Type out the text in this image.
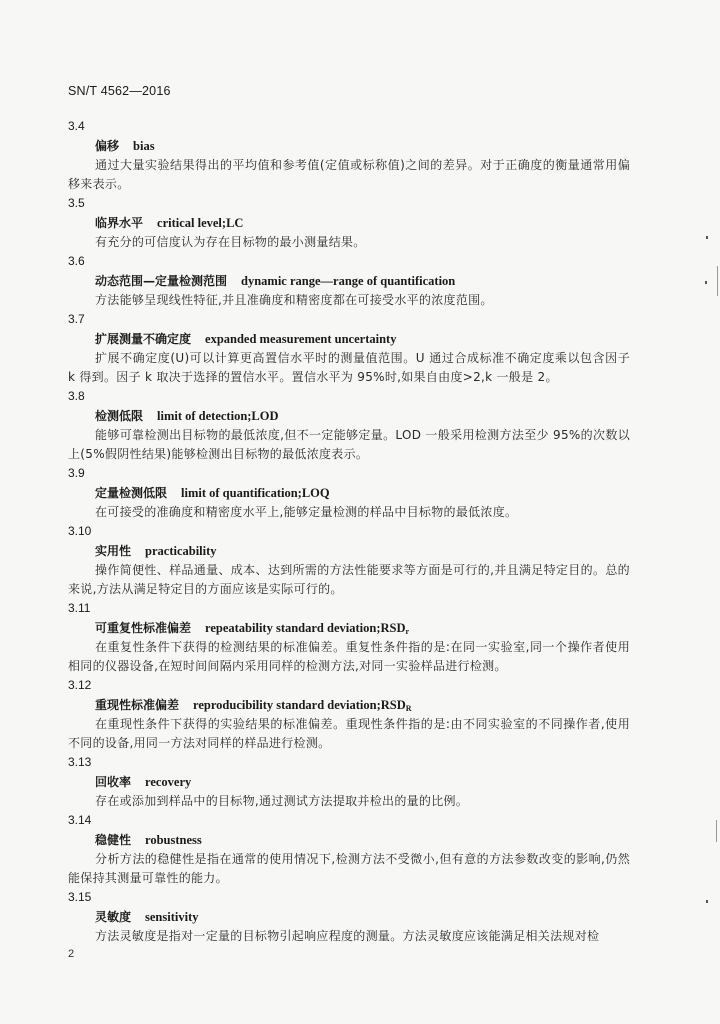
SN/T 4562—2016
3.4
偏移 bias
通过大量实验结果得出的平均值和参考值(定值或标称值)之间的差异。对于正确度的衡量通常用偏移来表示。
3.5
临界水平 critical level;LC
有充分的可信度认为存在目标物的最小测量结果。
3.6
动态范围—定量检测范围 dynamic range—range of quantification
方法能够呈现线性特征,并且准确度和精密度都在可接受水平的浓度范围。
3.7
扩展测量不确定度 expanded measurement uncertainty
扩展不确定度(U)可以计算更高置信水平时的测量值范围。U 通过合成标准不确定度乘以包含因子 k 得到。因子 k 取决于选择的置信水平。置信水平为 95%时,如果自由度>2,k 一般是 2。
3.8
检测低限 limit of detection;LOD
能够可靠检测出目标物的最低浓度,但不一定能够定量。LOD 一般采用检测方法至少 95%的次数以上(5%假阴性结果)能够检测出目标物的最低浓度表示。
3.9
定量检测低限 limit of quantification;LOQ
在可接受的准确度和精密度水平上,能够定量检测的样品中目标物的最低浓度。
3.10
实用性 practicability
操作简便性、样品通量、成本、达到所需的方法性能要求等方面是可行的,并且满足特定目的。总的来说,方法从满足特定目的方面应该是实际可行的。
3.11
可重复性标准偏差 repeatability standard $deviation;RSD_r$
在重复性条件下获得的检测结果的标准偏差。重复性条件指的是:在同一实验室,同一个操作者使用相同的仪器设备,在短时间间隔内采用同样的检测方法,对同一实验样品进行检测。
3.12
重现性标准偏差 reproducibility standard $deviation;RSD_R$
在重现性条件下获得的实验结果的标准偏差。重现性条件指的是:由不同实验室的不同操作者,使用不同的设备,用同一方法对同样的样品进行检测。
3.13
回收率 recovery
存在或添加到样品中的目标物,通过测试方法提取并检出的量的比例。
3.14
稳健性 robustness
分析方法的稳健性是指在通常的使用情况下,检测方法不受微小,但有意的方法参数改变的影响,仍然能保持其测量可靠性的能力。
3.15
灵敏度 sensitivity
方法灵敏度是指对一定量的目标物引起响应程度的测量。方法灵敏度应该能满足相关法规对检
2
